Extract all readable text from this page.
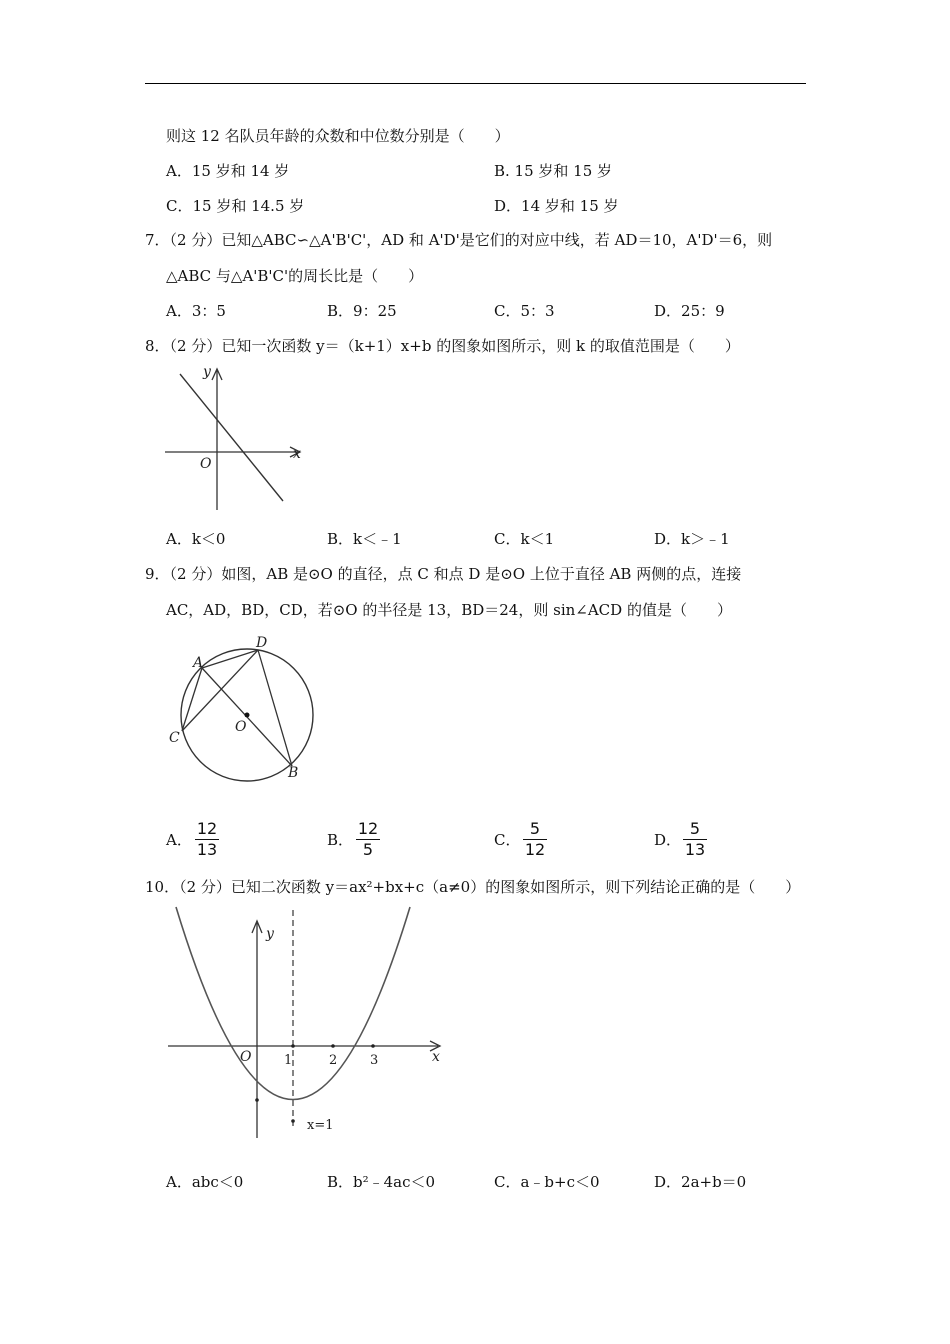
则这 12 名队员年龄的众数和中位数分别是（　　）
A．15 岁和 14 岁	B. 15 岁和 15 岁
C．15 岁和 14.5 岁	D．14 岁和 15 岁
7．（2 分）已知△ABC∽△A'B'C'，AD 和 A'D'是它们的对应中线，若 AD＝10，A'D'＝6，则
△ABC 与△A'B'C'的周长比是（　　）
A．3：5	B．9：25	C．5：3	D．25：9
8．（2 分）已知一次函数 y＝（k+1）x+b 的图象如图所示，则 k 的取值范围是（　　）
y
x
O
A．k＜0	B．k＜﹣1	C．k＜1	D．k＞﹣1
9．（2 分）如图，AB 是⊙O 的直径，点 C 和点 D 是⊙O 上位于直径 AB 两侧的点，连接
AC，AD，BD，CD，若⊙O 的半径是 13，BD＝24，则 sin∠ACD 的值是（　　）
A
D
C
O
B
A．
12
13	B．
12
5	C．
5
12	D．
5
13
10．（2 分）已知二次函数 y＝ax²+bx+c（a≠0）的图象如图所示，则下列结论正确的是（　　）
y
x
O	1	2	3
x=1
A．abc＜0	B．b²﹣4ac＜0	C．a﹣b+c＜0	D．2a+b＝0
